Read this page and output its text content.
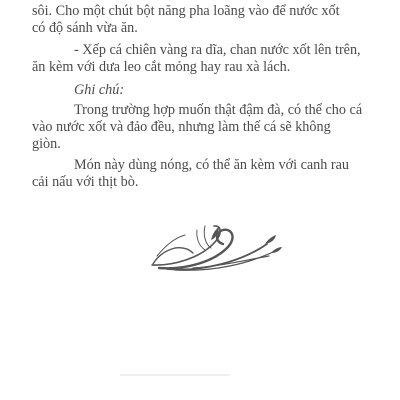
sôi. Cho một chút bột năng pha loãng vào để nước xốt
có độ sánh vừa ăn.
- Xếp cá chiên vàng ra dĩa, chan nước xốt lên trên,
ăn kèm với dưa leo cắt mỏng hay rau xà lách.
Ghi chú:
Trong trường hợp muốn thật đậm đà, có thể cho cá
vào nước xốt và đảo đều, nhưng làm thế cá sẽ không
giòn.
Món này dùng nóng, có thể ăn kèm với canh rau
cải nấu với thịt bò.
